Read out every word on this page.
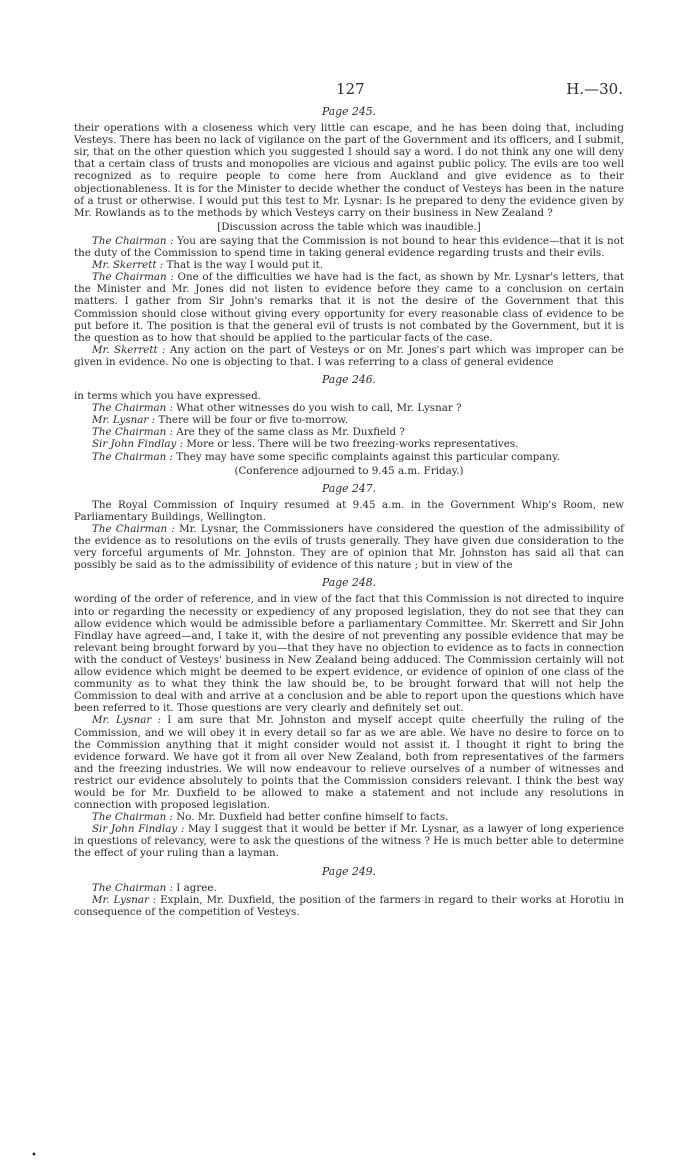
127	H.—30.
Page 245.

their operations with a closeness which very little can escape, and he has been doing that, including Vesteys. There has been no lack of vigilance on the part of the Government and its officers, and I submit, sir, that on the other question which you suggested I should say a word. I do not think any one will deny that a certain class of trusts and monopolies are vicious and against public policy. The evils are too well recognized as to require people to come here from Auckland and give evidence as to their objectionableness. It is for the Minister to decide whether the conduct of Vesteys has been in the nature of a trust or otherwise. I would put this test to Mr. Lysnar: Is he prepared to deny the evidence given by Mr. Rowlands as to the methods by which Vesteys carry on their business in New Zealand ?

[Discussion across the table which was inaudible.]

The Chairman : You are saying that the Commission is not bound to hear this evidence—that it is not the duty of the Commission to spend time in taking general evidence regarding trusts and their evils.

Mr. Skerrett : That is the way I would put it.

The Chairman : One of the difficulties we have had is the fact, as shown by Mr. Lysnar's letters, that the Minister and Mr. Jones did not listen to evidence before they came to a conclusion on certain matters. I gather from Sir John's remarks that it is not the desire of the Government that this Commission should close without giving every opportunity for every reasonable class of evidence to be put before it. The position is that the general evil of trusts is not combated by the Government, but it is the question as to how that should be applied to the particular facts of the case.

Mr. Skerrett : Any action on the part of Vesteys or on Mr. Jones's part which was improper can be given in evidence. No one is objecting to that. I was referring to a class of general evidence

Page 246.

in terms which you have expressed.

The Chairman : What other witnesses do you wish to call, Mr. Lysnar ?

Mr. Lysnar : There will be four or five to-morrow.

The Chairman : Are they of the same class as Mr. Duxfield ?

Sir John Findlay : More or less. There will be two freezing-works representatives.

The Chairman : They may have some specific complaints against this particular company.

(Conference adjourned to 9.45 a.m. Friday.)

Page 247.

The Royal Commission of Inquiry resumed at 9.45 a.m. in the Government Whip's Room, new Parliamentary Buildings, Wellington.

The Chairman : Mr. Lysnar, the Commissioners have considered the question of the admissibility of the evidence as to resolutions on the evils of trusts generally. They have given due consideration to the very forceful arguments of Mr. Johnston. They are of opinion that Mr. Johnston has said all that can possibly be said as to the admissibility of evidence of this nature ; but in view of the

Page 248.

wording of the order of reference, and in view of the fact that this Commission is not directed to inquire into or regarding the necessity or expediency of any proposed legislation, they do not see that they can allow evidence which would be admissible before a parliamentary Committee. Mr. Skerrett and Sir John Findlay have agreed—and, I take it, with the desire of not preventing any possible evidence that may be relevant being brought forward by you—that they have no objection to evidence as to facts in connection with the conduct of Vesteys' business in New Zealand being adduced. The Commission certainly will not allow evidence which might be deemed to be expert evidence, or evidence of opinion of one class of the community as to what they think the law should be, to be brought forward that will not help the Commission to deal with and arrive at a conclusion and be able to report upon the questions which have been referred to it. Those questions are very clearly and definitely set out.

Mr. Lysnar : I am sure that Mr. Johnston and myself accept quite cheerfully the ruling of the Commission, and we will obey it in every detail so far as we are able. We have no desire to force on to the Commission anything that it might consider would not assist it. I thought it right to bring the evidence forward. We have got it from all over New Zealand, both from representatives of the farmers and the freezing industries. We will now endeavour to relieve ourselves of a number of witnesses and restrict our evidence absolutely to points that the Commission considers relevant. I think the best way would be for Mr. Duxfield to be allowed to make a statement and not include any resolutions in connection with proposed legislation.

The Chairman : No. Mr. Duxfield had better confine himself to facts.

Sir John Findlay : May I suggest that it would be better if Mr. Lysnar, as a lawyer of long experience in questions of relevancy, were to ask the questions of the witness ? He is much better able to determine the effect of your ruling than a layman.

Page 249.

The Chairman : I agree.

Mr. Lysnar : Explain, Mr. Duxfield, the position of the farmers in regard to their works at Horotiu in consequence of the competition of Vesteys.

•
